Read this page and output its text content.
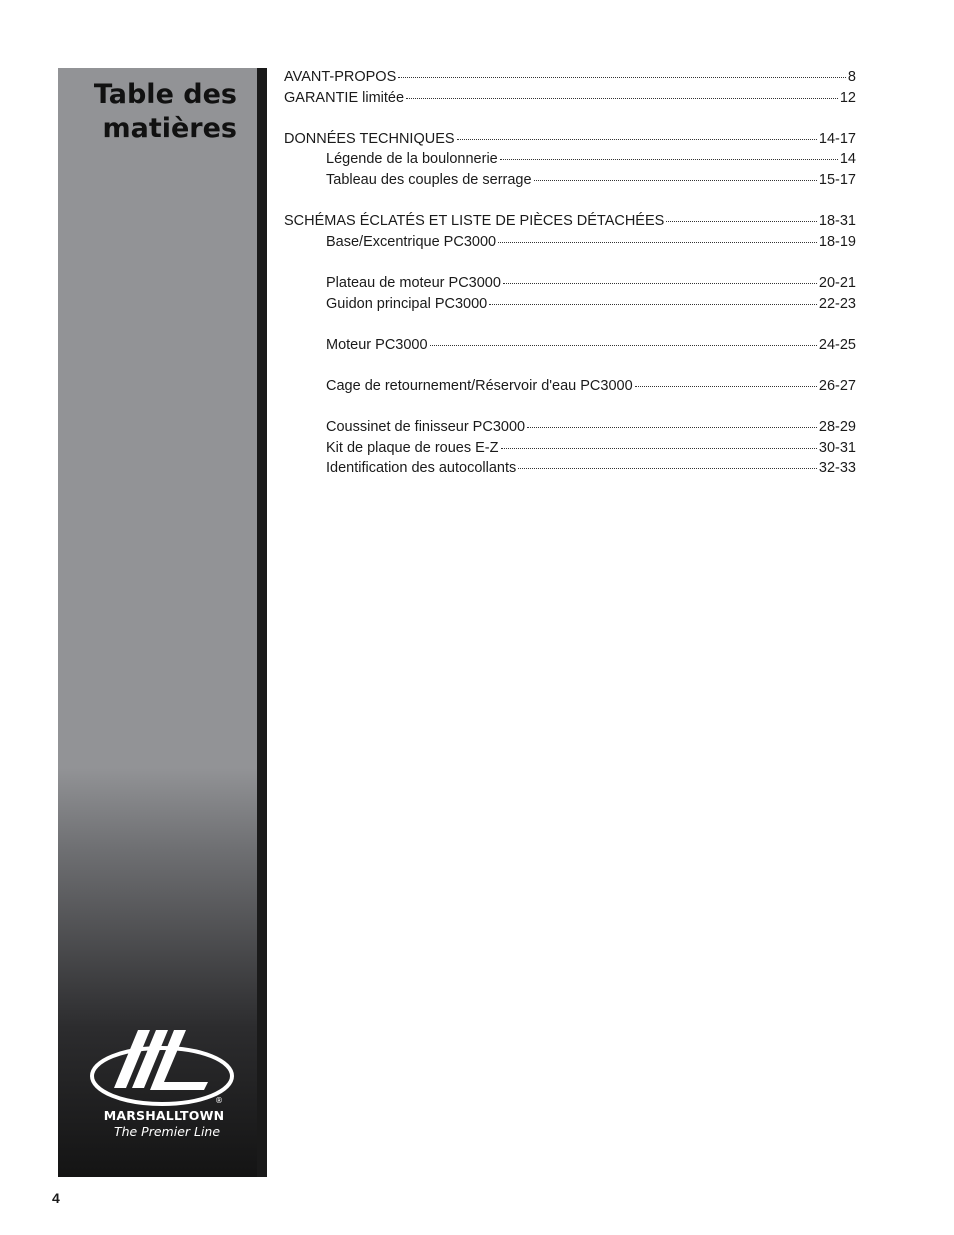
Table des
matières
®
MARSHALLTOWN
The Premier Line
AVANT-PROPOS	8
GARANTIE limitée	12
DONNÉES TECHNIQUES	14-17
Légende de la boulonnerie	14
Tableau des couples de serrage	15-17
SCHÉMAS ÉCLATÉS ET LISTE DE PIÈCES DÉTACHÉES	18-31
Base/Excentrique PC3000	18-19
Plateau de moteur PC3000	20-21
Guidon principal PC3000	22-23
Moteur PC3000	24-25
Cage de retournement/Réservoir d'eau PC3000	26-27
Coussinet de finisseur PC3000	28-29
Kit de plaque de roues E-Z	30-31
Identification des autocollants	32-33
4
